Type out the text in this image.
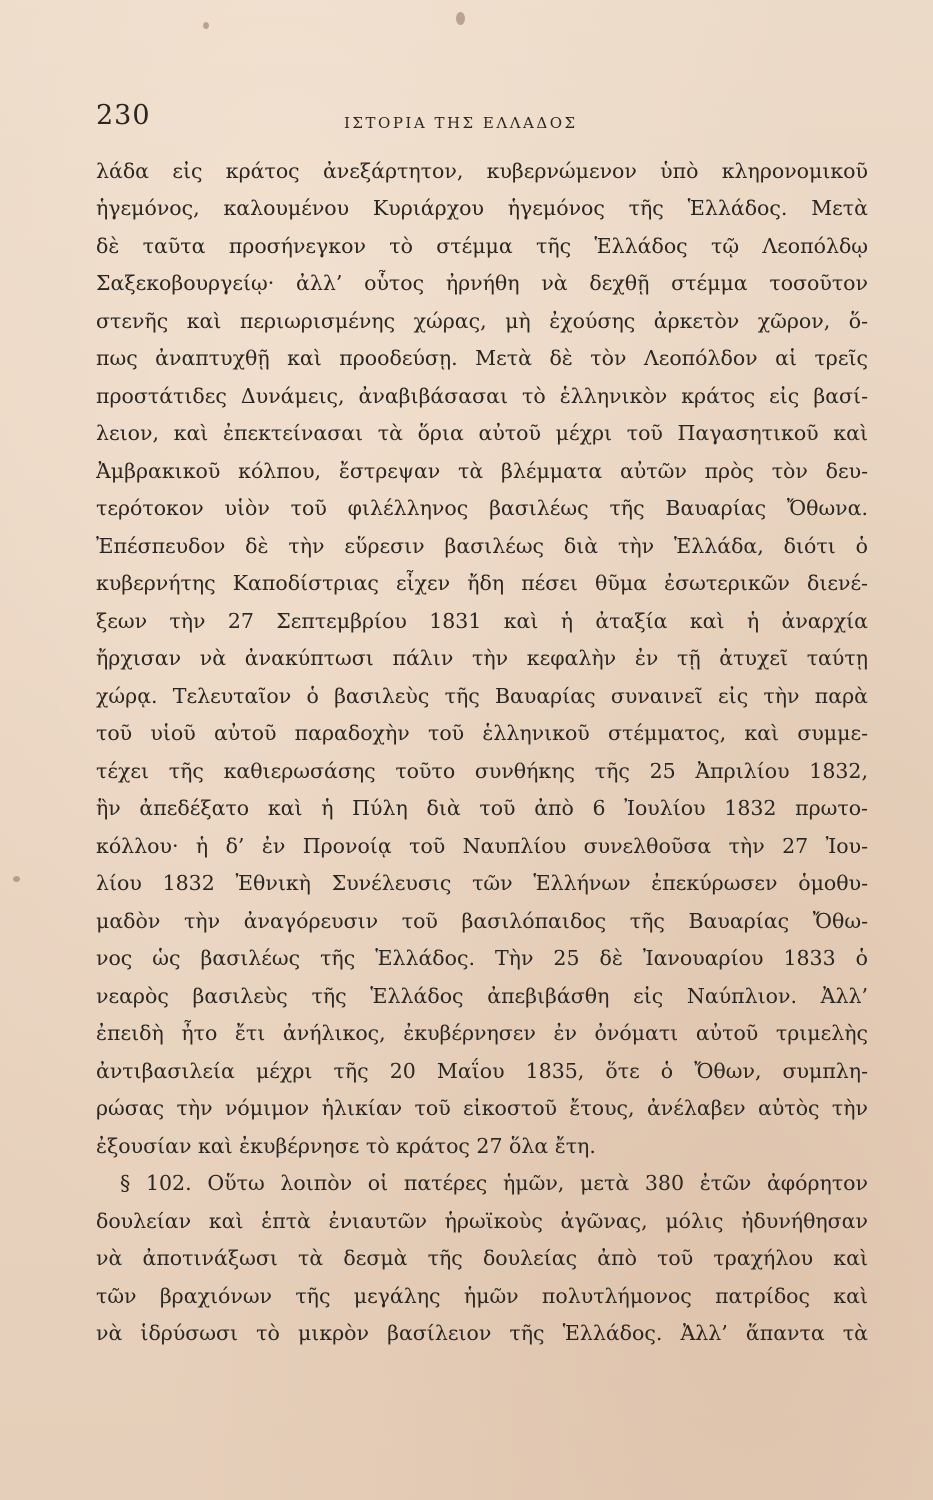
230	ΙΣΤΟΡΙΑ ΤΗΣ ΕΛΛΑΔΟΣ
λάδα εἰς κράτος ἀνεξάρτητον, κυβερνώμενον ὑπὸ κληρονομικοῦ
ἡγεμόνος, καλουμένου Κυριάρχου ἡγεμόνος τῆς Ἑλλάδος. Μετὰ
δὲ ταῦτα προσήνεγκον τὸ στέμμα τῆς Ἑλλάδος τῷ Λεοπόλδῳ
Σαξεκοβουργείῳ· ἀλλ’ οὗτος ἠρνήθη νὰ δεχθῇ στέμμα τοσοῦτον
στενῆς καὶ περιωρισμένης χώρας, μὴ ἐχούσης ἀρκετὸν χῶρον, ὅ-
πως ἀναπτυχθῇ καὶ προοδεύσῃ. Μετὰ δὲ τὸν Λεοπόλδον αἱ τρεῖς
προστάτιδες Δυνάμεις, ἀναβιβάσασαι τὸ ἑλληνικὸν κράτος εἰς βασί-
λειον, καὶ ἐπεκτείνασαι τὰ ὅρια αὐτοῦ μέχρι τοῦ Παγασητικοῦ καὶ
Ἀμβρακικοῦ κόλπου, ἔστρεψαν τὰ βλέμματα αὐτῶν πρὸς τὸν δευ-
τερότοκον υἱὸν τοῦ φιλέλληνος βασιλέως τῆς Βαυαρίας Ὄθωνα.
Ἐπέσπευδον δὲ τὴν εὕρεσιν βασιλέως διὰ τὴν Ἑλλάδα, διότι ὁ
κυβερνήτης Καποδίστριας εἶχεν ἤδη πέσει θῦμα ἐσωτερικῶν διενέ-
ξεων τὴν 27 Σεπτεμβρίου 1831 καὶ ἡ ἀταξία καὶ ἡ ἀναρχία
ἤρχισαν νὰ ἀνακύπτωσι πάλιν τὴν κεφαλὴν ἐν τῇ ἀτυχεῖ ταύτῃ
χώρᾳ. Τελευταῖον ὁ βασιλεὺς τῆς Βαυαρίας συναινεῖ εἰς τὴν παρὰ
τοῦ υἱοῦ αὐτοῦ παραδοχὴν τοῦ ἑλληνικοῦ στέμματος, καὶ συμμε-
τέχει τῆς καθιερωσάσης τοῦτο συνθήκης τῆς 25 Ἀπριλίου 1832,
ἣν ἀπεδέξατο καὶ ἡ Πύλη διὰ τοῦ ἀπὸ 6 Ἰουλίου 1832 πρωτο-
κόλλου· ἡ δ’ ἐν Προνοίᾳ τοῦ Ναυπλίου συνελθοῦσα τὴν 27 Ἰου-
λίου 1832 Ἐθνικὴ Συνέλευσις τῶν Ἑλλήνων ἐπεκύρωσεν ὁμοθυ-
μαδὸν τὴν ἀναγόρευσιν τοῦ βασιλόπαιδος τῆς Βαυαρίας Ὄθω-
νος ὡς βασιλέως τῆς Ἑλλάδος. Τὴν 25 δὲ Ἰανουαρίου 1833 ὁ
νεαρὸς βασιλεὺς τῆς Ἑλλάδος ἀπεβιβάσθη εἰς Ναύπλιον. Ἀλλ’
ἐπειδὴ ἦτο ἔτι ἀνήλικος, ἐκυβέρνησεν ἐν ὀνόματι αὐτοῦ τριμελὴς
ἀντιβασιλεία μέχρι τῆς 20 Μαΐου 1835, ὅτε ὁ Ὄθων, συμπλη-
ρώσας τὴν νόμιμον ἡλικίαν τοῦ εἰκοστοῦ ἔτους, ἀνέλαβεν αὐτὸς τὴν
ἐξουσίαν καὶ ἐκυβέρνησε τὸ κράτος 27 ὅλα ἔτη.
§ 102. Οὕτω λοιπὸν οἱ πατέρες ἡμῶν, μετὰ 380 ἐτῶν ἀφόρητον
δουλείαν καὶ ἑπτὰ ἐνιαυτῶν ἡρωϊκοὺς ἀγῶνας, μόλις ἠδυνήθησαν
νὰ ἀποτινάξωσι τὰ δεσμὰ τῆς δουλείας ἀπὸ τοῦ τραχήλου καὶ
τῶν βραχιόνων τῆς μεγάλης ἡμῶν πολυτλήμονος πατρίδος καὶ
νὰ ἱδρύσωσι τὸ μικρὸν βασίλειον τῆς Ἑλλάδος. Ἀλλ’ ἅπαντα τὰ
